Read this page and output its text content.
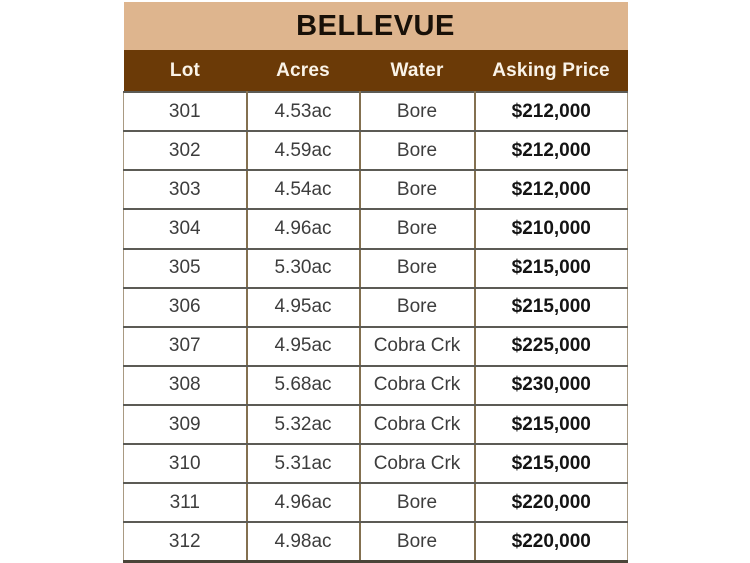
BELLEVUE			
Lot	Acres	Water	Asking Price
301	4.53ac	Bore	$212,000
302	4.59ac	Bore	$212,000
303	4.54ac	Bore	$212,000
304	4.96ac	Bore	$210,000
305	5.30ac	Bore	$215,000
306	4.95ac	Bore	$215,000
307	4.95ac	Cobra Crk	$225,000
308	5.68ac	Cobra Crk	$230,000
309	5.32ac	Cobra Crk	$215,000
310	5.31ac	Cobra Crk	$215,000
311	4.96ac	Bore	$220,000
312	4.98ac	Bore	$220,000
